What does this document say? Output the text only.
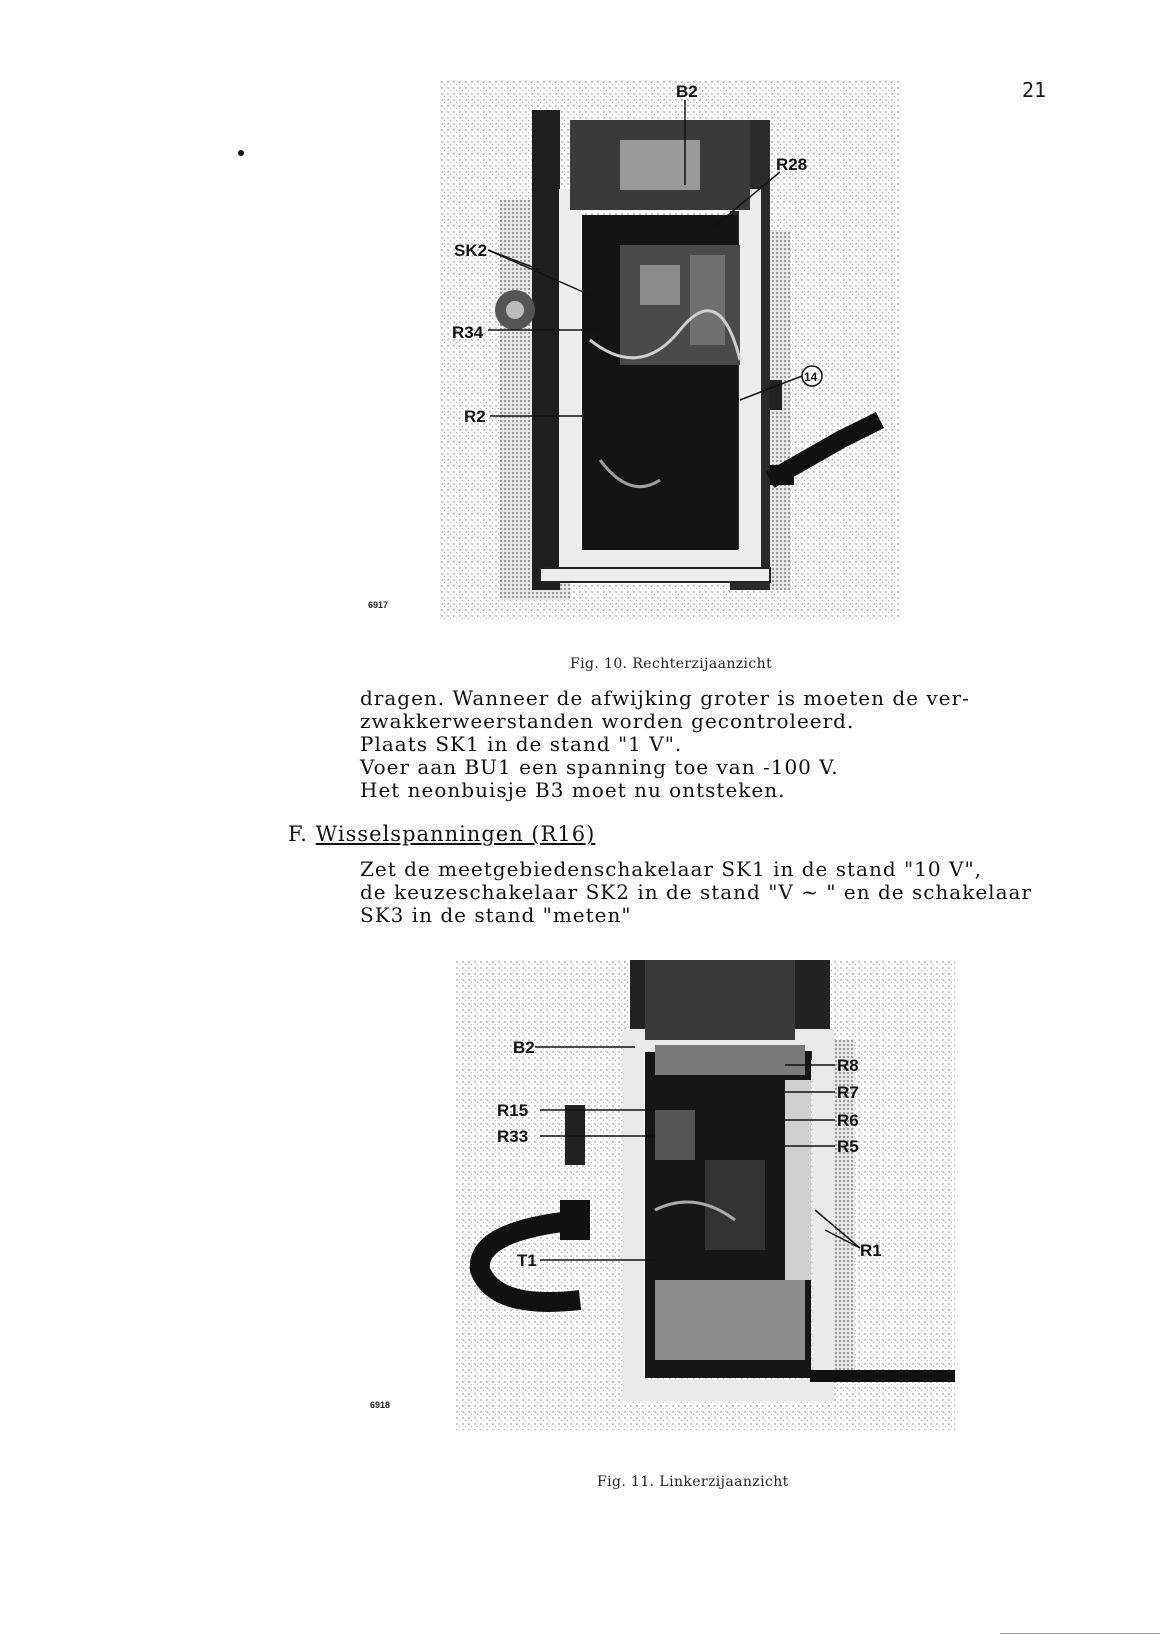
21
B2
R28
SK2
R34
R2
14
6917
Fig. 10. Rechterzijaanzicht
dragen. Wanneer de afwijking groter is moeten de ver-
zwakkerweerstanden worden gecontroleerd.
Plaats SK1 in de stand "1 V".
Voer aan BU1 een spanning toe van -100 V.
Het neonbuisje B3 moet nu ontsteken.
F. Wisselspanningen (R16)
Zet de meetgebiedenschakelaar SK1 in de stand "10 V",
de keuzeschakelaar SK2 in de stand "V ~ " en de schakelaar
SK3 in de stand "meten"
B2
R15
R33
T1
R8
R7
R6
R5
R1
6918
Fig. 11. Linkerzijaanzicht
